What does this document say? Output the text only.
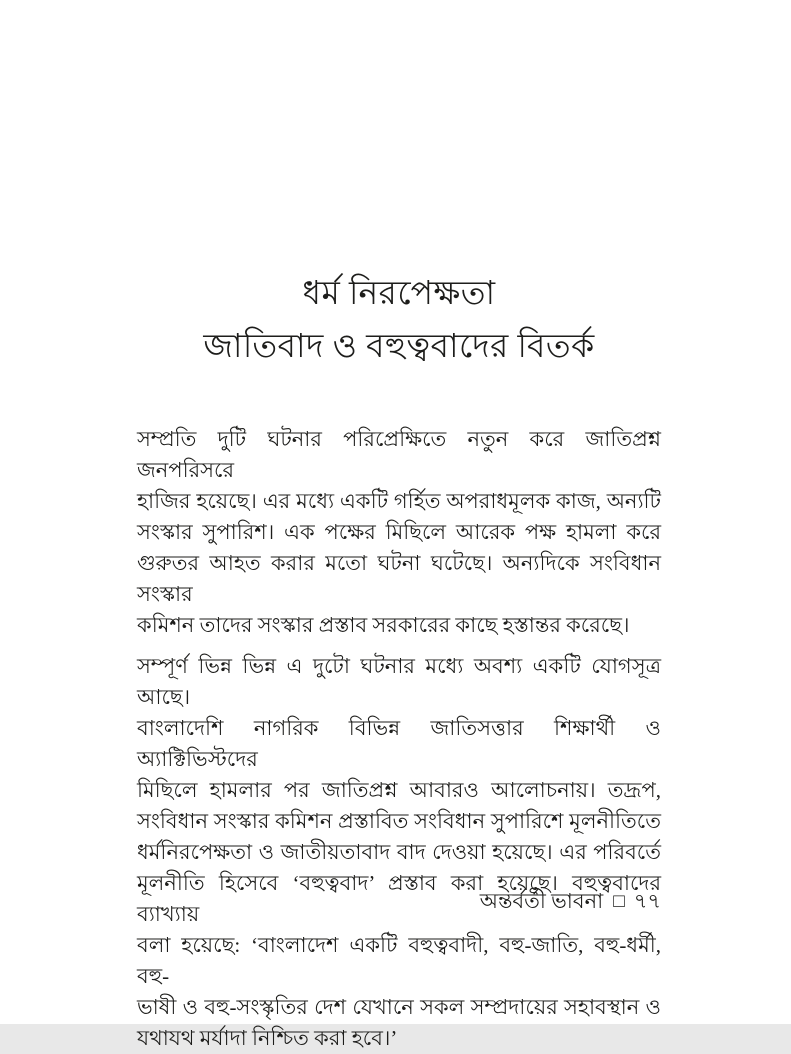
ধর্ম নিরপেক্ষতা
জাতিবাদ ও বহুত্ববাদের বিতর্ক
সম্প্রতি দুটি ঘটনার পরিপ্রেক্ষিতে নতুন করে জাতিপ্রশ্ন জনপরিসরে
হাজির হয়েছে। এর মধ্যে একটি গর্হিত অপরাধমূলক কাজ, অন্যটি
সংস্কার সুপারিশ। এক পক্ষের মিছিলে আরেক পক্ষ হামলা করে
গুরুতর আহত করার মতো ঘটনা ঘটেছে। অন্যদিকে সংবিধান সংস্কার
কমিশন তাদের সংস্কার প্রস্তাব সরকারের কাছে হস্তান্তর করেছে।
সম্পূর্ণ ভিন্ন ভিন্ন এ দুটো ঘটনার মধ্যে অবশ্য একটি যোগসূত্র আছে।
বাংলাদেশি নাগরিক বিভিন্ন জাতিসত্তার শিক্ষার্থী ও অ্যাক্টিভিস্টদের
মিছিলে হামলার পর জাতিপ্রশ্ন আবারও আলোচনায়। তদ্রূপ,
সংবিধান সংস্কার কমিশন প্রস্তাবিত সংবিধান সুপারিশে মূলনীতিতে
ধর্মনিরপেক্ষতা ও জাতীয়তাবাদ বাদ দেওয়া হয়েছে। এর পরিবর্তে
মূলনীতি হিসেবে ‘বহুত্ববাদ’ প্রস্তাব করা হয়েছে। বহুত্ববাদের ব্যাখ্যায়
বলা হয়েছে: ‘বাংলাদেশ একটি বহুত্ববাদী, বহু-জাতি, বহু-ধর্মী, বহু-
ভাষী ও বহু-সংস্কৃতির দেশ যেখানে সকল সম্প্রদায়ের সহাবস্থান ও
যথাযথ মর্যাদা নিশ্চিত করা হবে।’
অন্তর্বর্তী ভাবনা □ ৭৭
